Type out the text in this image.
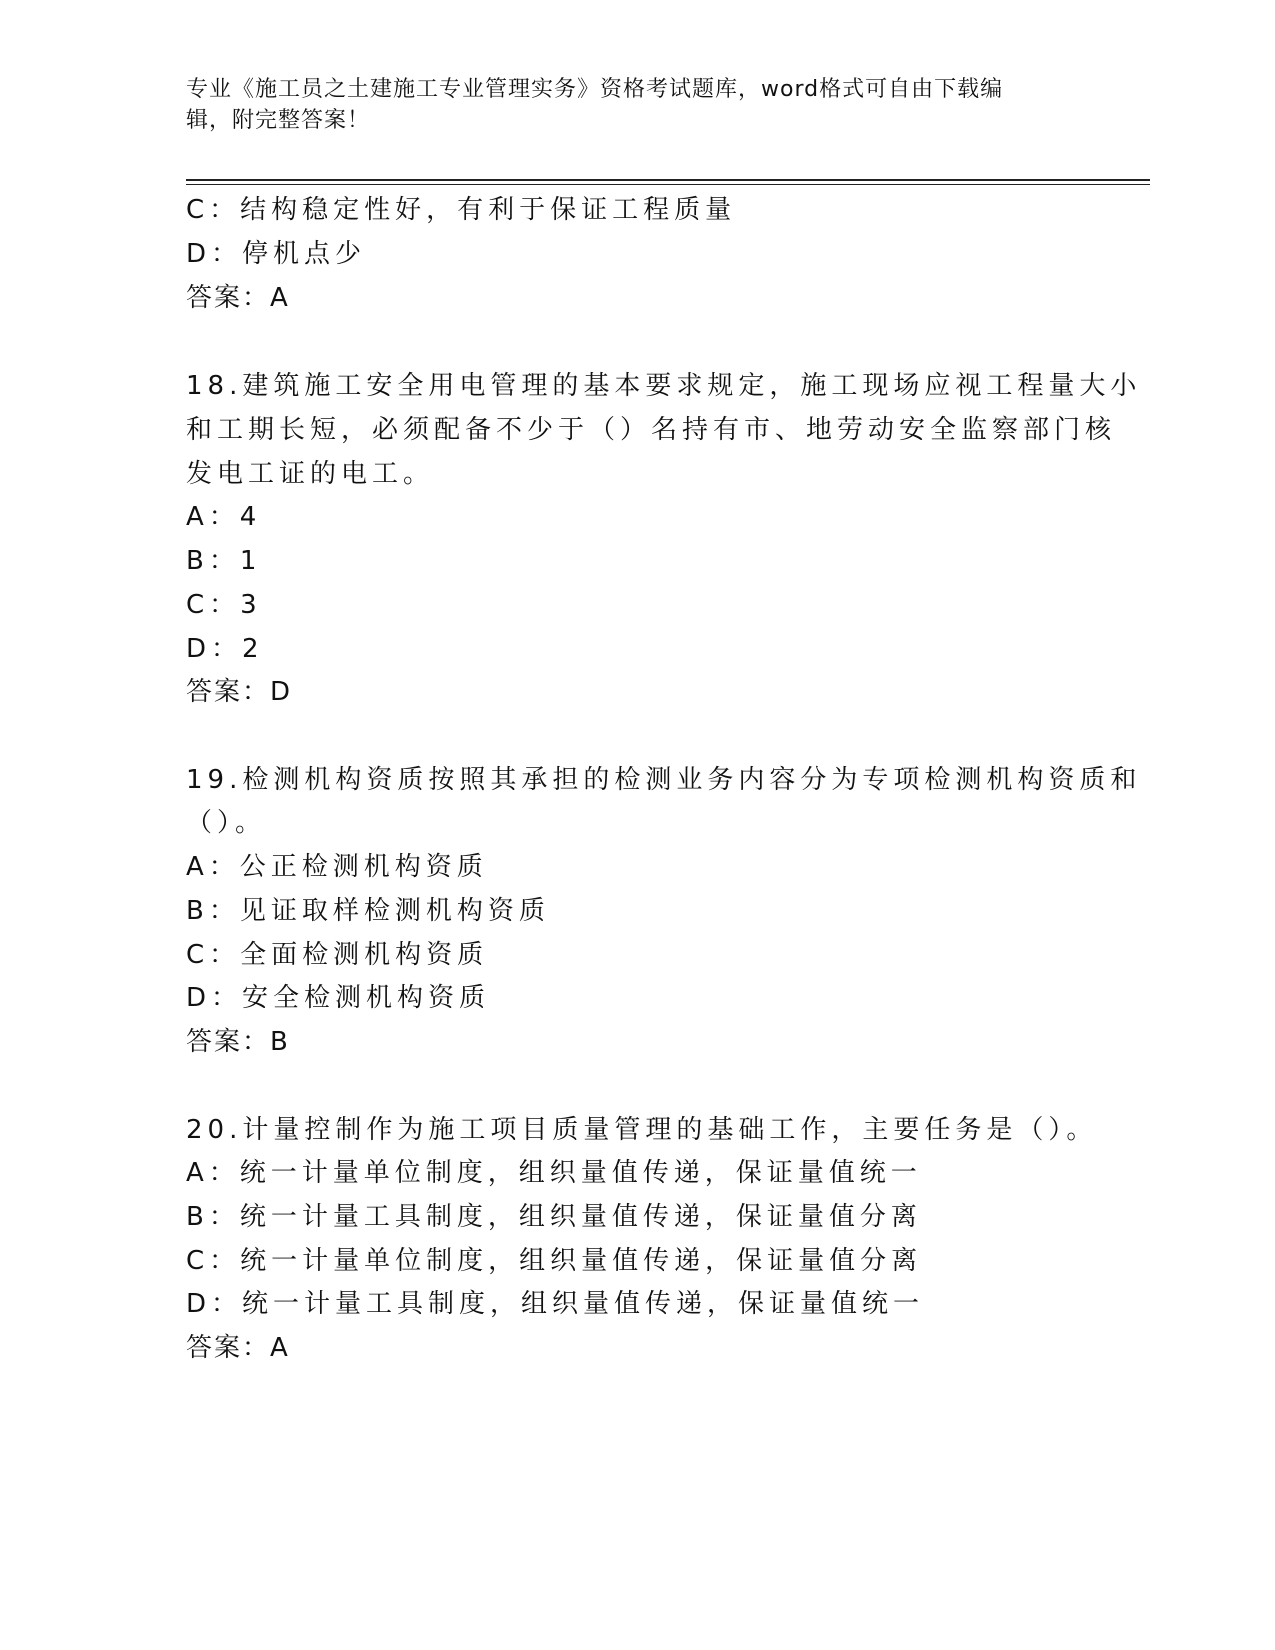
专业《施工员之土建施工专业管理实务》资格考试题库，word格式可自由下载编
辑，附完整答案！
C：结构稳定性好，有利于保证工程质量
D：停机点少
答案：A
18.建筑施工安全用电管理的基本要求规定，施工现场应视工程量大小
和工期长短，必须配备不少于（）名持有市、地劳动安全监察部门核
发电工证的电工。
A：4
B：1
C：3
D：2
答案：D
19.检测机构资质按照其承担的检测业务内容分为专项检测机构资质和
（）。
A：公正检测机构资质
B：见证取样检测机构资质
C：全面检测机构资质
D：安全检测机构资质
答案：B
20.计量控制作为施工项目质量管理的基础工作，主要任务是（）。
A：统一计量单位制度，组织量值传递，保证量值统一
B：统一计量工具制度，组织量值传递，保证量值分离
C：统一计量单位制度，组织量值传递，保证量值分离
D：统一计量工具制度，组织量值传递，保证量值统一
答案：A
